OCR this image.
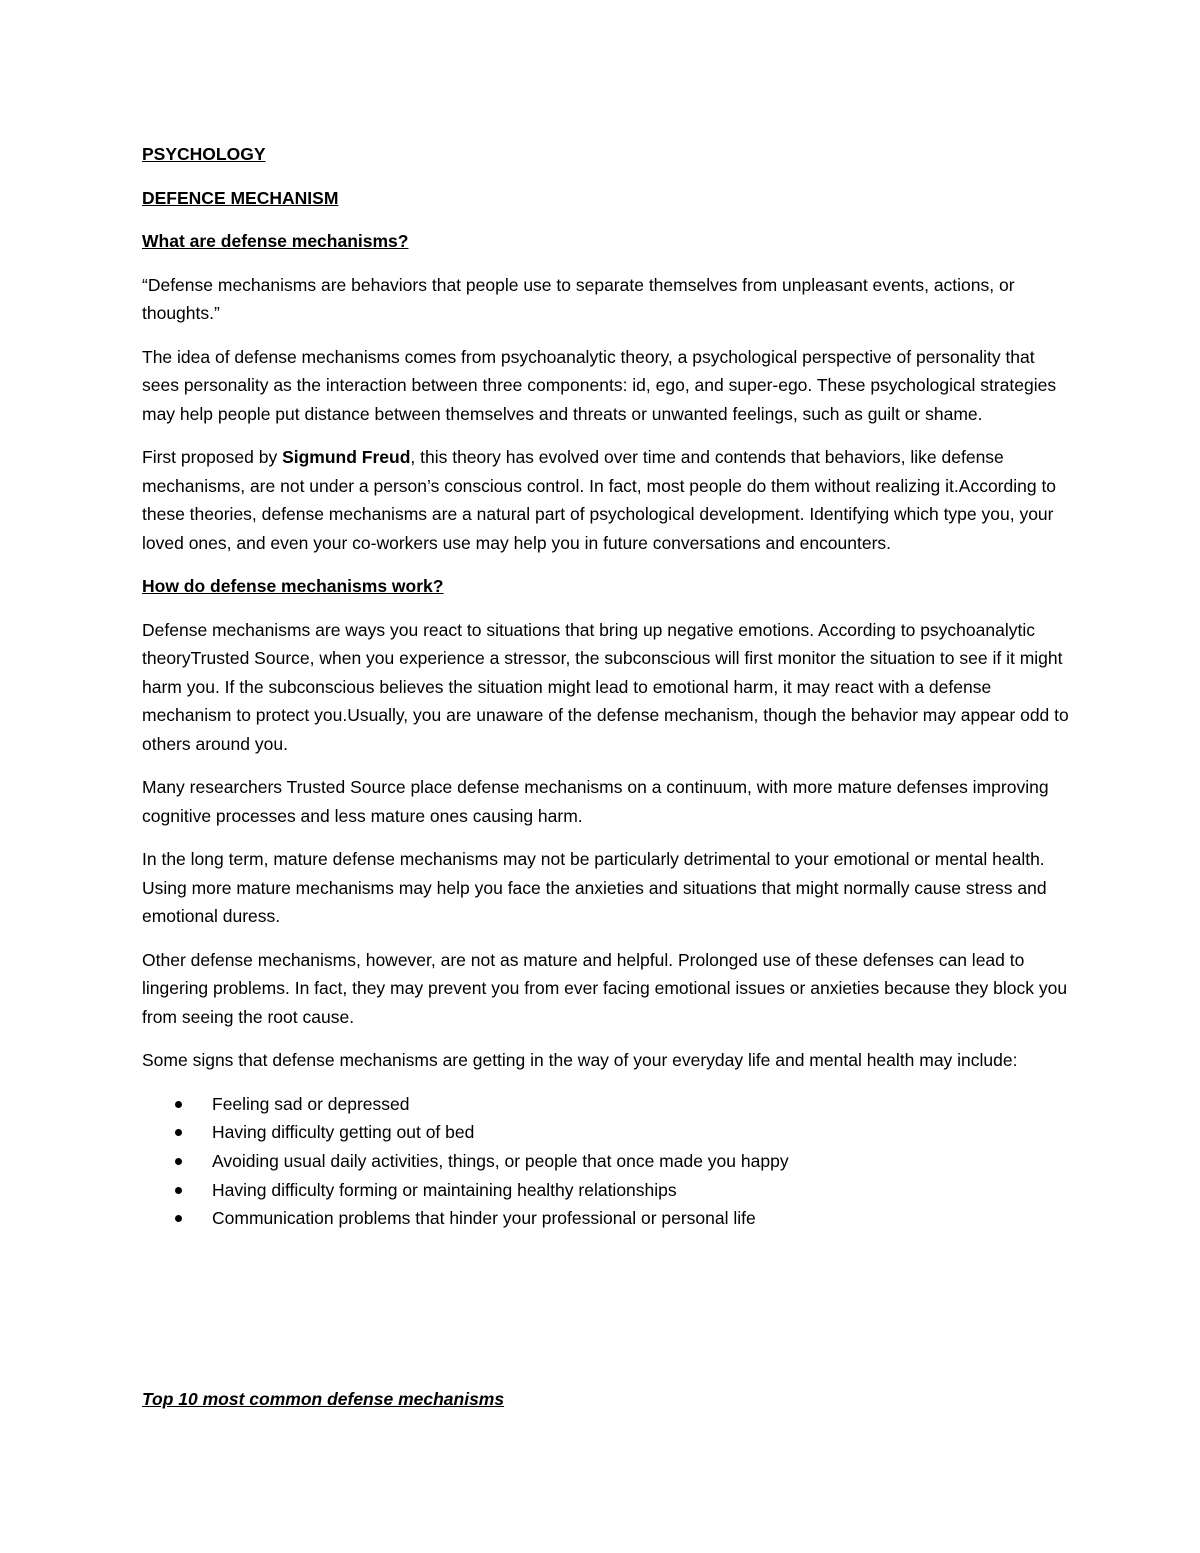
PSYCHOLOGY
DEFENCE MECHANISM
What are defense mechanisms?

“Defense mechanisms are behaviors that people use to separate themselves from unpleasant events, actions, or thoughts.”

The idea of defense mechanisms comes from psychoanalytic theory, a psychological perspective of personality that sees personality as the interaction between three components: id, ego, and super-ego. These psychological strategies may help people put distance between themselves and threats or unwanted feelings, such as guilt or shame.

First proposed by Sigmund Freud, this theory has evolved over time and contends that behaviors, like defense mechanisms, are not under a person’s conscious control. In fact, most people do them without realizing it.According to these theories, defense mechanisms are a natural part of psychological development. Identifying which type you, your loved ones, and even your co-workers use may help you in future conversations and encounters.

How do defense mechanisms work?

Defense mechanisms are ways you react to situations that bring up negative emotions. According to psychoanalytic theoryTrusted Source, when you experience a stressor, the subconscious will first monitor the situation to see if it might harm you. If the subconscious believes the situation might lead to emotional harm, it may react with a defense mechanism to protect you.Usually, you are unaware of the defense mechanism, though the behavior may appear odd to others around you.

Many researchers Trusted Source place defense mechanisms on a continuum, with more mature defenses improving cognitive processes and less mature ones causing harm.

In the long term, mature defense mechanisms may not be particularly detrimental to your emotional or mental health. Using more mature mechanisms may help you face the anxieties and situations that might normally cause stress and emotional duress.

Other defense mechanisms, however, are not as mature and helpful. Prolonged use of these defenses can lead to lingering problems. In fact, they may prevent you from ever facing emotional issues or anxieties because they block you from seeing the root cause.

Some signs that defense mechanisms are getting in the way of your everyday life and mental health may include:

Feeling sad or depressed
Having difficulty getting out of bed
Avoiding usual daily activities, things, or people that once made you happy
Having difficulty forming or maintaining healthy relationships
Communication problems that hinder your professional or personal life
Top 10 most common defense mechanisms
